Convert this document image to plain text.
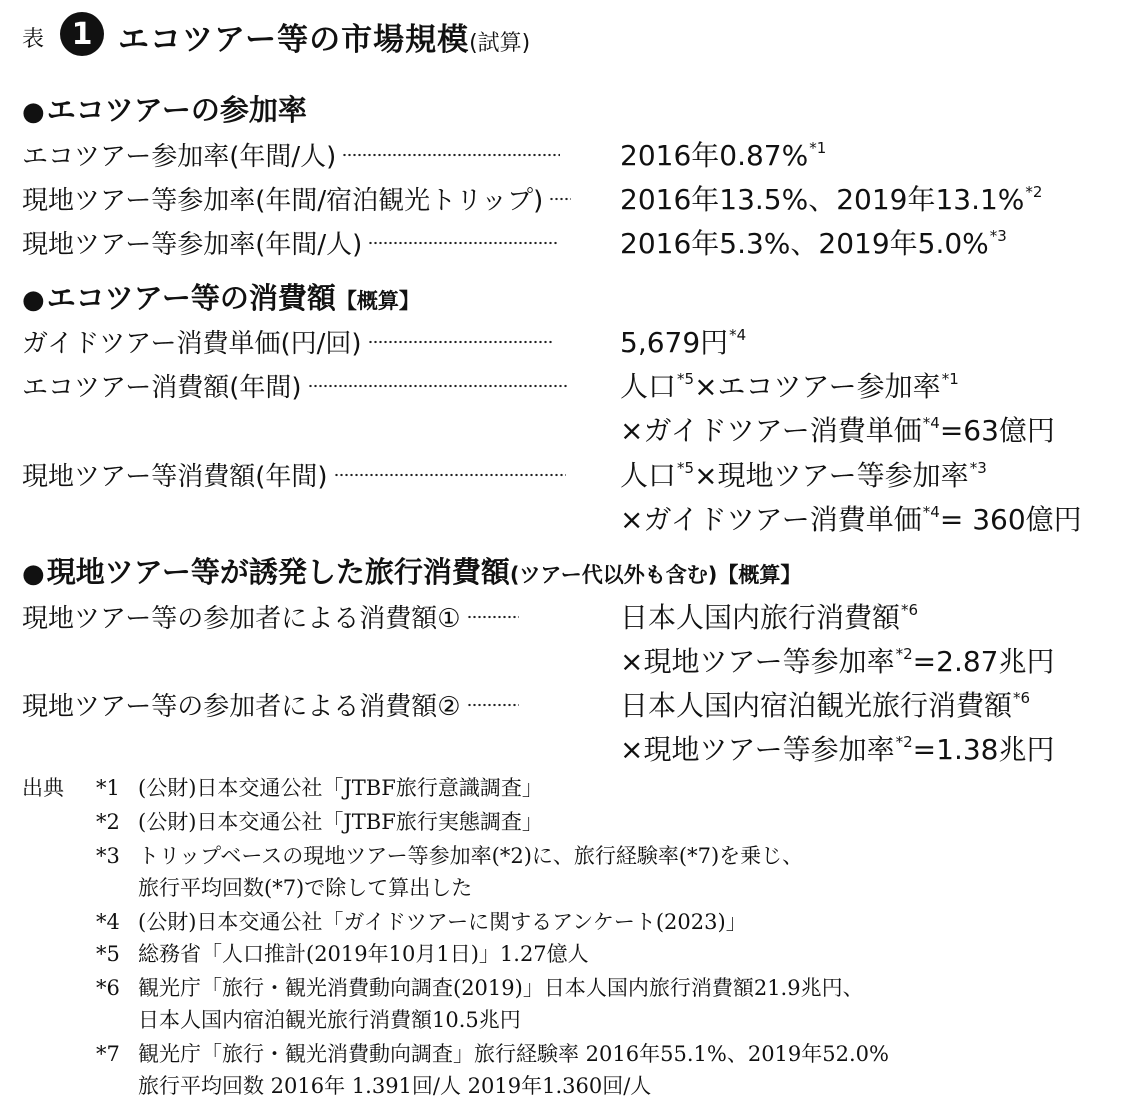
表 1 エコツアー等の市場規模(試算)
●エコツアーの参加率
エコツアー参加率(年間/人)	2016年0.87%$^{*1}$
現地ツアー等参加率(年間/宿泊観光トリップ)	2016年13.5%、2019年13.1%$^{*2}$
現地ツアー等参加率(年間/人)	2016年5.3%、2019年5.0%$^{*3}$
●エコツアー等の消費額【概算】
ガイドツアー消費単価(円/回)	5,679円$^{*4}$
エコツアー消費額(年間)	人口$^{*5}$×エコツアー参加率$^{*1}$
×ガイドツアー消費単価$^{*4}$=63億円
現地ツアー等消費額(年間)	人口$^{*5}$×現地ツアー等参加率$^{*3}$
×ガイドツアー消費単価$^{*4}$= 360億円
●現地ツアー等が誘発した旅行消費額(ツアー代以外も含む)【概算】
現地ツアー等の参加者による消費額①	日本人国内旅行消費額$^{*6}$
×現地ツアー等参加率$^{*2}$=2.87兆円
現地ツアー等の参加者による消費額②	日本人国内宿泊観光旅行消費額$^{*6}$
×現地ツアー等参加率$^{*2}$=1.38兆円
出典 *1 (公財)日本交通公社「JTBF旅行意識調査」
*2 (公財)日本交通公社「JTBF旅行実態調査」
*3 トリップベースの現地ツアー等参加率(*2)に、旅行経験率(*7)を乗じ、
旅行平均回数(*7)で除して算出した
*4 (公財)日本交通公社「ガイドツアーに関するアンケート(2023)」
*5 総務省「人口推計(2019年10月1日)」1.27億人
*6 観光庁「旅行・観光消費動向調査(2019)」日本人国内旅行消費額21.9兆円、
日本人国内宿泊観光旅行消費額10.5兆円
*7 観光庁「旅行・観光消費動向調査」旅行経験率 2016年55.1%、2019年52.0%
旅行平均回数 2016年 1.391回/人 2019年1.360回/人
